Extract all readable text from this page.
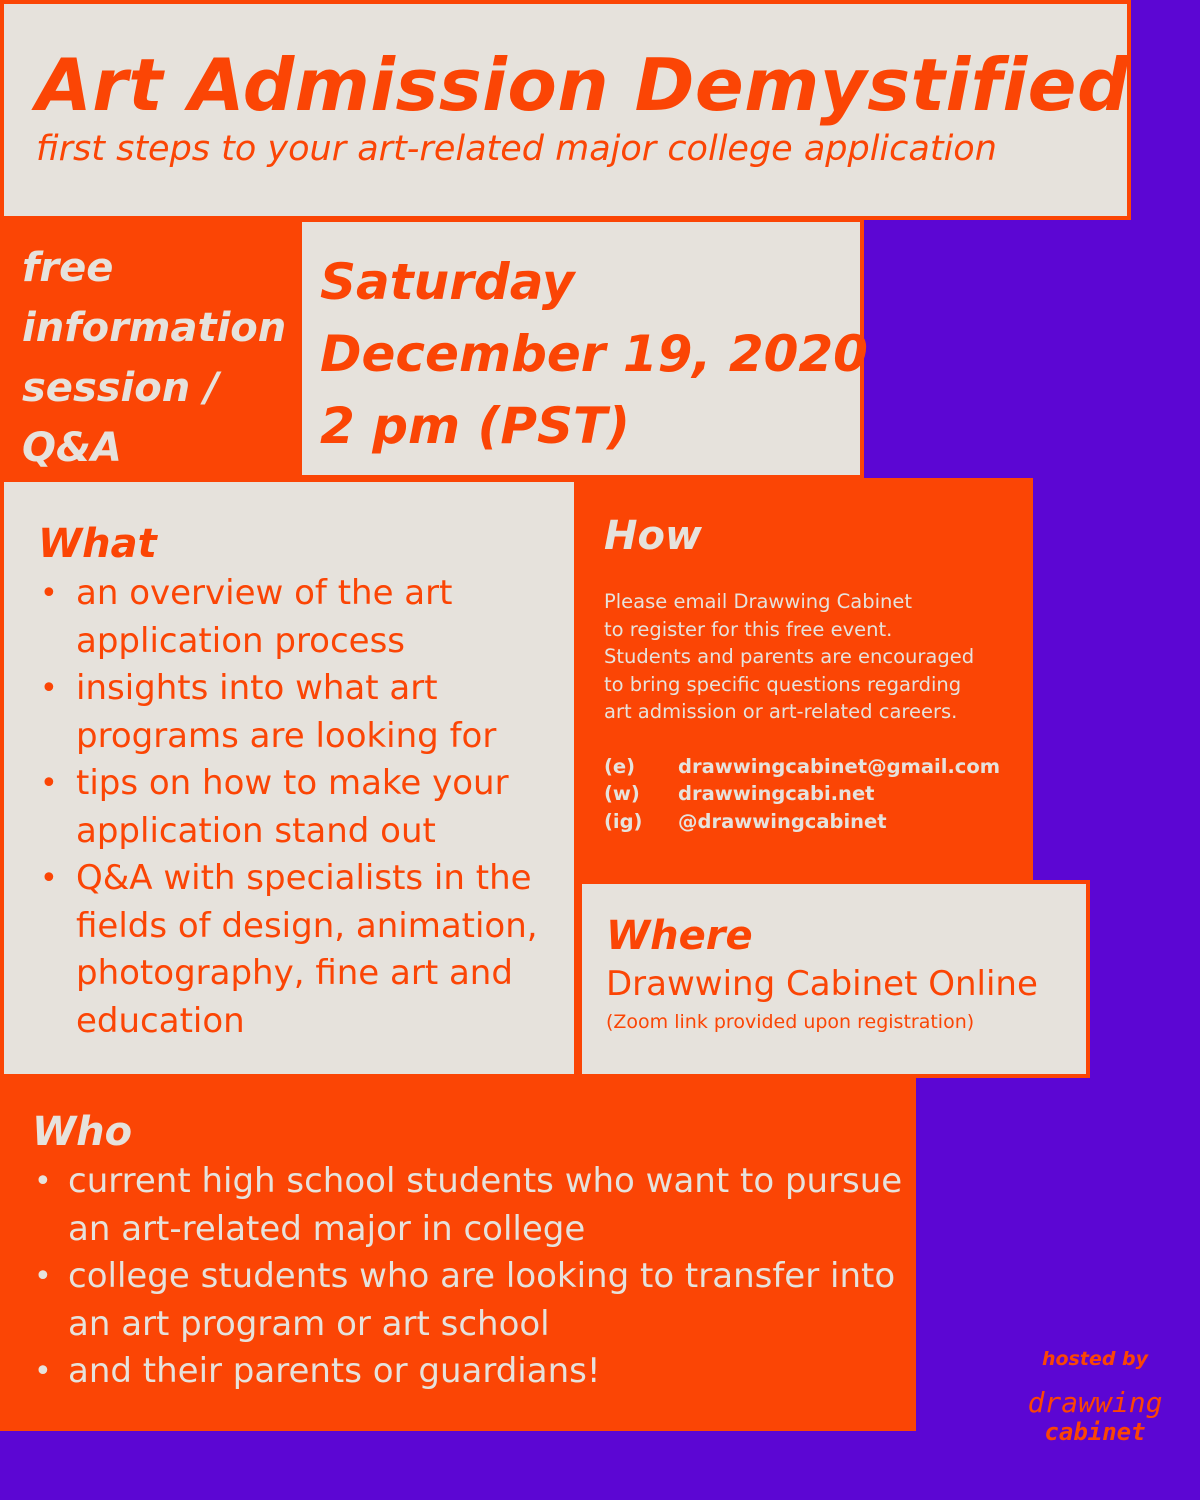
Art Admission Demystified

first steps to your art-related major college application

free
information
session /
Q&A

Saturday
December 19, 2020
2 pm (PST)
What
• an overview of the art application process
• insights into what art programs are looking for
• tips on how to make your application stand out
• Q&A with specialists in the fields of design, animation, photography, fine art and education
How

Please email Drawwing Cabinet
to register for this free event.
Students and parents are encouraged
to bring specific questions regarding
art admission or art-related careers.

(e) drawwingcabinet@gmail.com
(w) drawwingcabi.net
(ig) @drawwingcabinet
Where

Drawwing Cabinet Online

(Zoom link provided upon registration)

Who
• current high school students who want to pursue an art-related major in college
• college students who are looking to transfer into an art program or art school
• and their parents or guardians!	hosted by

drawwing
cabinet
